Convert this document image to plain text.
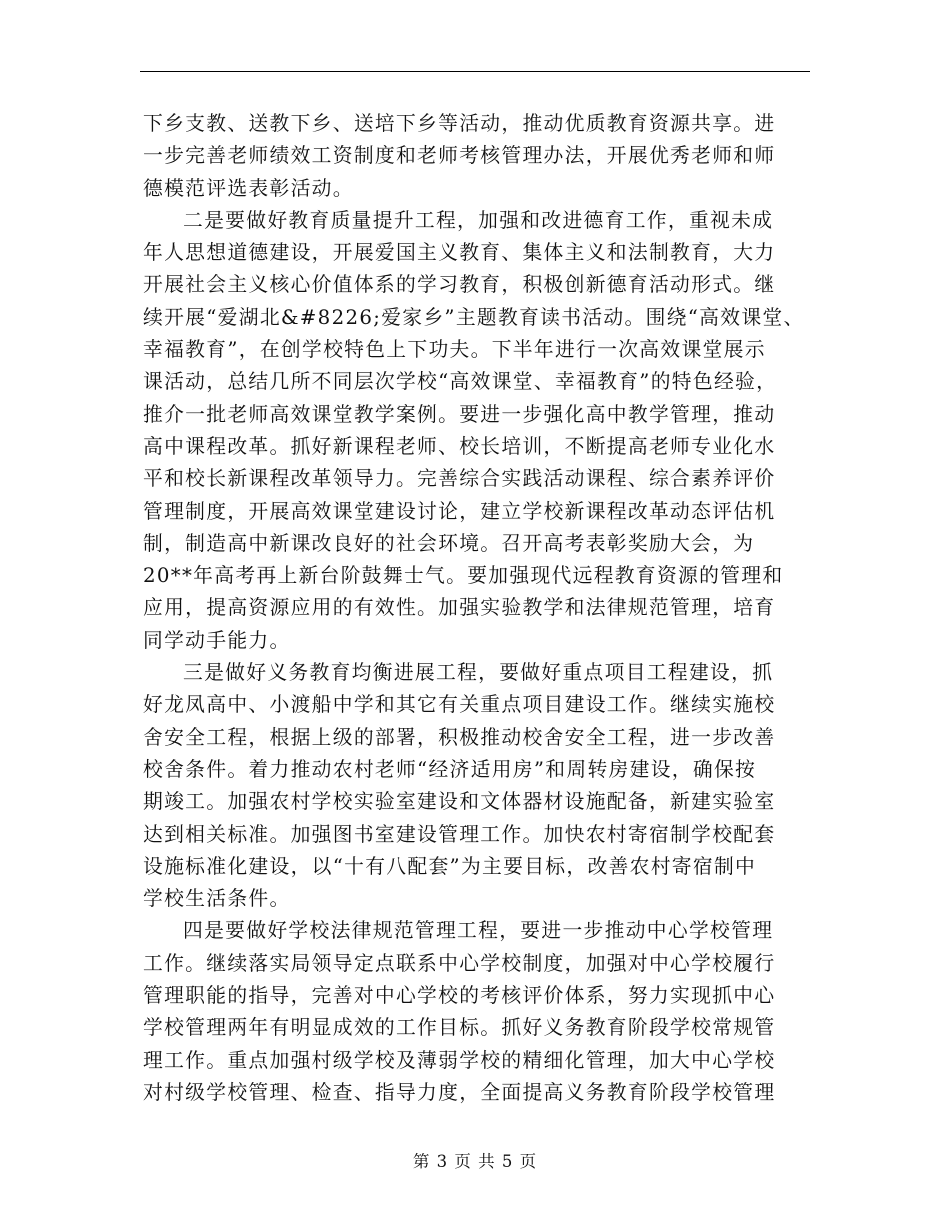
下乡支教、送教下乡、送培下乡等活动，推动优质教育资源共享。进
一步完善老师绩效工资制度和老师考核管理办法，开展优秀老师和师
德模范评选表彰活动。
二是要做好教育质量提升工程，加强和改进德育工作，重视未成
年人思想道德建设，开展爱国主义教育、集体主义和法制教育，大力
开展社会主义核心价值体系的学习教育，积极创新德育活动形式。继
续开展“爱湖北&#8226;爱家乡”主题教育读书活动。围绕“高效课堂、
幸福教育”，在创学校特色上下功夫。下半年进行一次高效课堂展示
课活动，总结几所不同层次学校“高效课堂、幸福教育”的特色经验，
推介一批老师高效课堂教学案例。要进一步强化高中教学管理，推动
高中课程改革。抓好新课程老师、校长培训，不断提高老师专业化水
平和校长新课程改革领导力。完善综合实践活动课程、综合素养评价
管理制度，开展高效课堂建设讨论，建立学校新课程改革动态评估机
制，制造高中新课改良好的社会环境。召开高考表彰奖励大会，为
20**年高考再上新台阶鼓舞士气。要加强现代远程教育资源的管理和
应用，提高资源应用的有效性。加强实验教学和法律规范管理，培育
同学动手能力。
三是做好义务教育均衡进展工程，要做好重点项目工程建设，抓
好龙凤高中、小渡船中学和其它有关重点项目建设工作。继续实施校
舍安全工程，根据上级的部署，积极推动校舍安全工程，进一步改善
校舍条件。着力推动农村老师“经济适用房”和周转房建设，确保按
期竣工。加强农村学校实验室建设和文体器材设施配备，新建实验室
达到相关标准。加强图书室建设管理工作。加快农村寄宿制学校配套
设施标准化建设，以“十有八配套”为主要目标，改善农村寄宿制中
学校生活条件。
四是要做好学校法律规范管理工程，要进一步推动中心学校管理
工作。继续落实局领导定点联系中心学校制度，加强对中心学校履行
管理职能的指导，完善对中心学校的考核评价体系，努力实现抓中心
学校管理两年有明显成效的工作目标。抓好义务教育阶段学校常规管
理工作。重点加强村级学校及薄弱学校的精细化管理，加大中心学校
对村级学校管理、检查、指导力度，全面提高义务教育阶段学校管理
第 3 页 共 5 页
